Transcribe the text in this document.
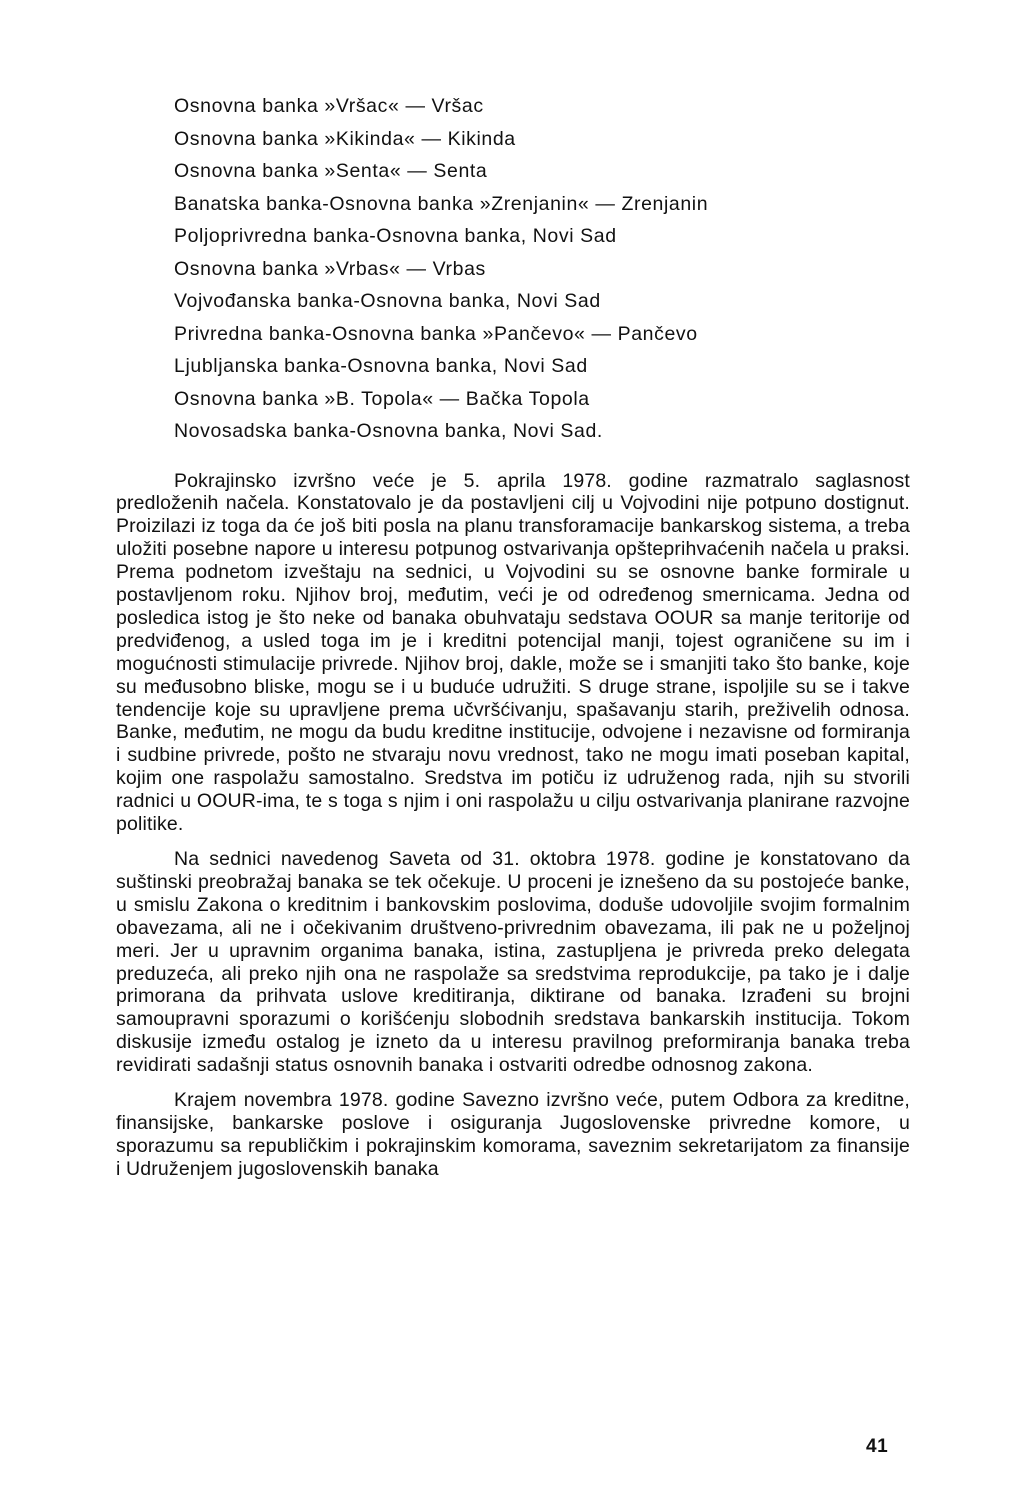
Osnovna banka »Vršac« — Vršac
Osnovna banka »Kikinda« — Kikinda
Osnovna banka »Senta« — Senta
Banatska banka-Osnovna banka »Zrenjanin« — Zrenjanin
Poljoprivredna banka-Osnovna banka, Novi Sad
Osnovna banka »Vrbas« — Vrbas
Vojvođanska banka-Osnovna banka, Novi Sad
Privredna banka-Osnovna banka »Pančevo« — Pančevo
Ljubljanska banka-Osnovna banka, Novi Sad
Osnovna banka »B. Topola« — Bačka Topola
Novosadska banka-Osnovna banka, Novi Sad.

Pokrajinsko izvršno veće je 5. aprila 1978. godine razmatralo saglasnost predloženih načela. Konstatovalo je da postavljeni cilj u Vojvodini nije potpuno dostignut. Proizilazi iz toga da će još biti posla na planu transforamacije bankarskog sistema, a treba uložiti posebne napore u interesu potpunog ostvarivanja opšteprihvaćenih načela u praksi. Prema podnetom izveštaju na sednici, u Vojvodini su se osnovne banke formirale u postavljenom roku. Njihov broj, međutim, veći je od određenog smernicama. Jedna od posledica istog je što neke od banaka obuhvataju sedstava OOUR sa manje teritorije od predviđenog, a usled toga im je i kreditni potencijal manji, tojest ograničene su im i mogućnosti stimulacije privrede. Njihov broj, dakle, može se i smanjiti tako što banke, koje su međusobno bliske, mogu se i u buduće udružiti. S druge strane, ispoljile su se i takve tendencije koje su upravljene prema učvršćivanju, spašavanju starih, preživelih odnosa. Banke, međutim, ne mogu da budu kreditne institucije, odvojene i nezavisne od formiranja i sudbine privrede, pošto ne stvaraju novu vrednost, tako ne mogu imati poseban kapital, kojim one raspolažu samostalno. Sredstva im potiču iz udruženog rada, njih su stvorili radnici u OOUR-ima, te s toga s njim i oni raspolažu u cilju ostvarivanja planirane razvojne politike.

Na sednici navedenog Saveta od 31. oktobra 1978. godine je konstatovano da suštinski preobražaj banaka se tek očekuje. U proceni je iznešeno da su postojeće banke, u smislu Zakona o kreditnim i bankovskim poslovima, doduše udovoljile svojim formalnim obavezama, ali ne i očekivanim društveno-privrednim obavezama, ili pak ne u poželjnoj meri. Jer u upravnim organima banaka, istina, zastupljena je privreda preko delegata preduzeća, ali preko njih ona ne raspolaže sa sredstvima reprodukcije, pa tako je i dalje primorana da prihvata uslove kreditiranja, diktirane od banaka. Izrađeni su brojni samoupravni sporazumi o korišćenju slobodnih sredstava bankarskih institucija. Tokom diskusije između ostalog je izneto da u interesu pravilnog preformiranja banaka treba revidirati sadašnji status osnovnih banaka i ostvariti odredbe odnosnog zakona.

Krajem novembra 1978. godine Savezno izvršno veće, putem Odbora za kreditne, finansijske, bankarske poslove i osiguranja Jugoslovenske privredne komore, u sporazumu sa republičkim i pokrajinskim komorama, saveznim sekretarijatom za finansije i Udruženjem jugoslovenskih banaka

41
